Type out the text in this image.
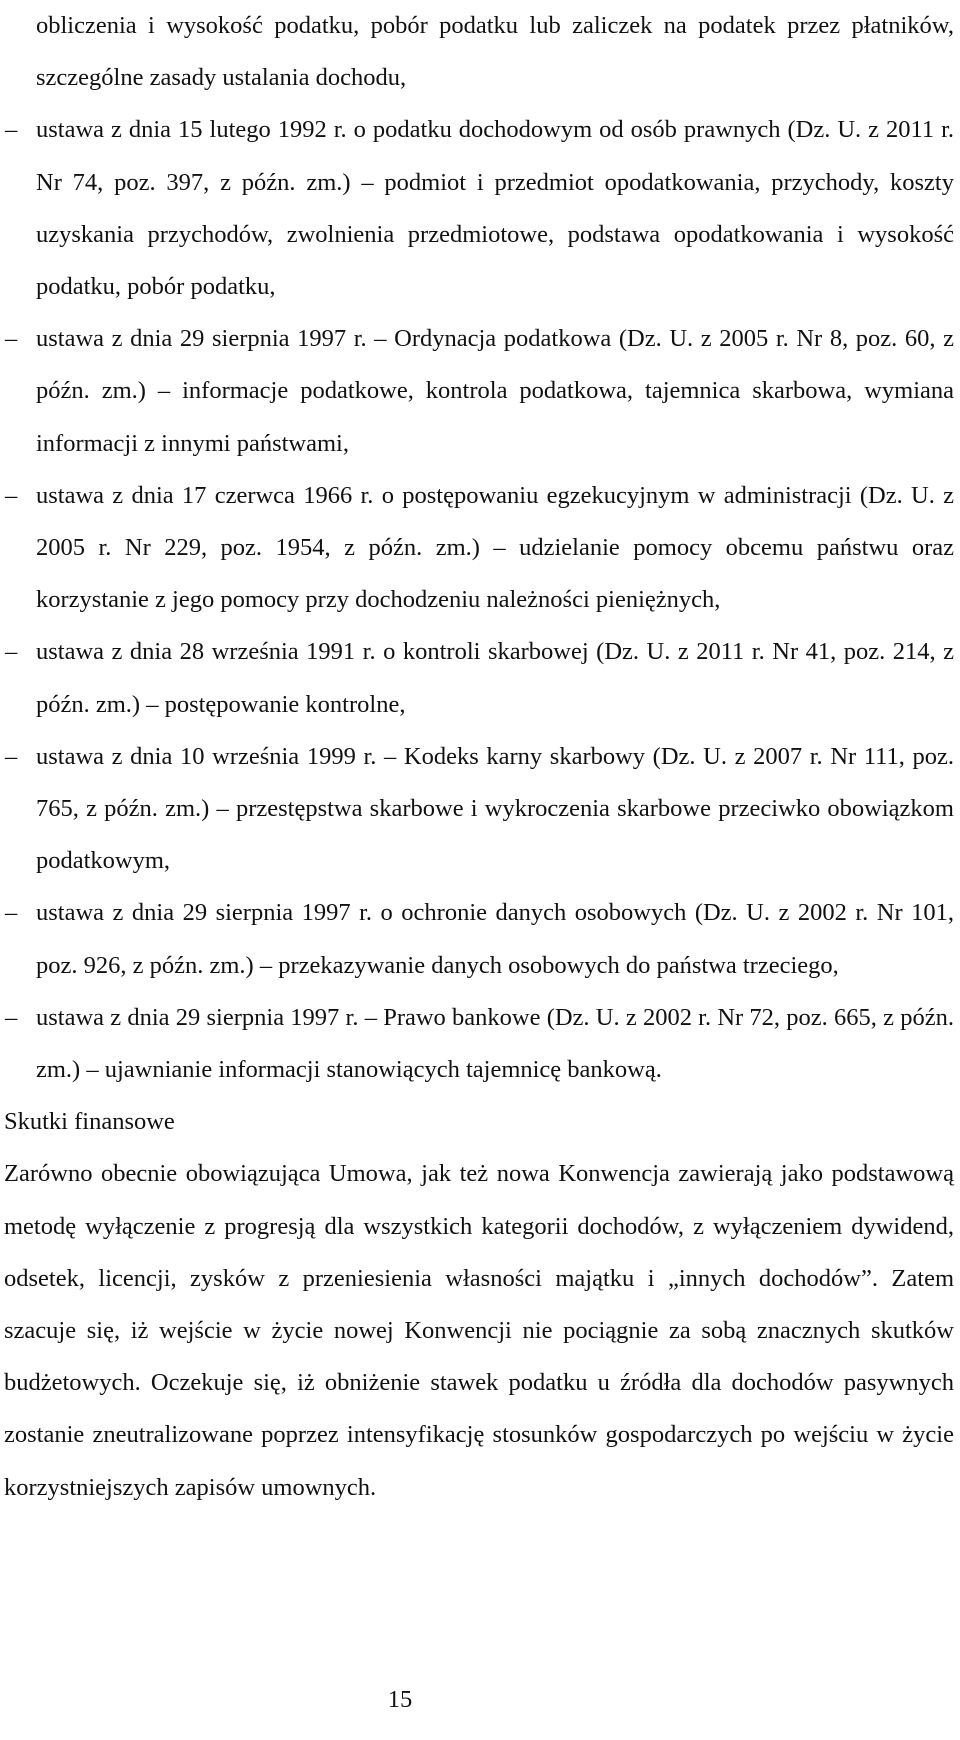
obliczenia i wysokość podatku, pobór podatku lub zaliczek na podatek przez płatników, szczególne zasady ustalania dochodu,
– ustawa z dnia 15 lutego 1992 r. o podatku dochodowym od osób prawnych (Dz. U. z 2011 r. Nr 74, poz. 397, z późn. zm.) – podmiot i przedmiot opodatkowania, przychody, koszty uzyskania przychodów, zwolnienia przedmiotowe, podstawa opodatkowania i wysokość podatku, pobór podatku,
– ustawa z dnia 29 sierpnia 1997 r. – Ordynacja podatkowa (Dz. U. z 2005 r. Nr 8, poz. 60, z późn. zm.) – informacje podatkowe, kontrola podatkowa, tajemnica skarbowa, wymiana informacji z innymi państwami,
– ustawa z dnia 17 czerwca 1966 r. o postępowaniu egzekucyjnym w administracji (Dz. U. z 2005 r. Nr 229, poz. 1954, z późn. zm.) – udzielanie pomocy obcemu państwu oraz korzystanie z jego pomocy przy dochodzeniu należności pieniężnych,
– ustawa z dnia 28 września 1991 r. o kontroli skarbowej (Dz. U. z 2011 r. Nr 41, poz. 214, z późn. zm.) – postępowanie kontrolne,
– ustawa z dnia 10 września 1999 r. – Kodeks karny skarbowy (Dz. U. z 2007 r. Nr 111, poz. 765, z późn. zm.) – przestępstwa skarbowe i wykroczenia skarbowe przeciwko obowiązkom podatkowym,
– ustawa z dnia 29 sierpnia 1997 r. o ochronie danych osobowych (Dz. U. z 2002 r. Nr 101, poz. 926, z późn. zm.) – przekazywanie danych osobowych do państwa trzeciego,
– ustawa z dnia 29 sierpnia 1997 r. – Prawo bankowe (Dz. U. z 2002 r. Nr 72, poz. 665, z późn. zm.) – ujawnianie informacji stanowiących tajemnicę bankową.
Skutki finansowe
Zarówno obecnie obowiązująca Umowa, jak też nowa Konwencja zawierają jako podstawową metodę wyłączenie z progresją dla wszystkich kategorii dochodów, z wyłączeniem dywidend, odsetek, licencji, zysków z przeniesienia własności majątku i „innych dochodów”. Zatem szacuje się, iż wejście w życie nowej Konwencji nie pociągnie za sobą znacznych skutków budżetowych. Oczekuje się, iż obniżenie stawek podatku u źródła dla dochodów pasywnych zostanie zneutralizowane poprzez intensyfikację stosunków gospodarczych po wejściu w życie korzystniejszych zapisów umownych.
15
